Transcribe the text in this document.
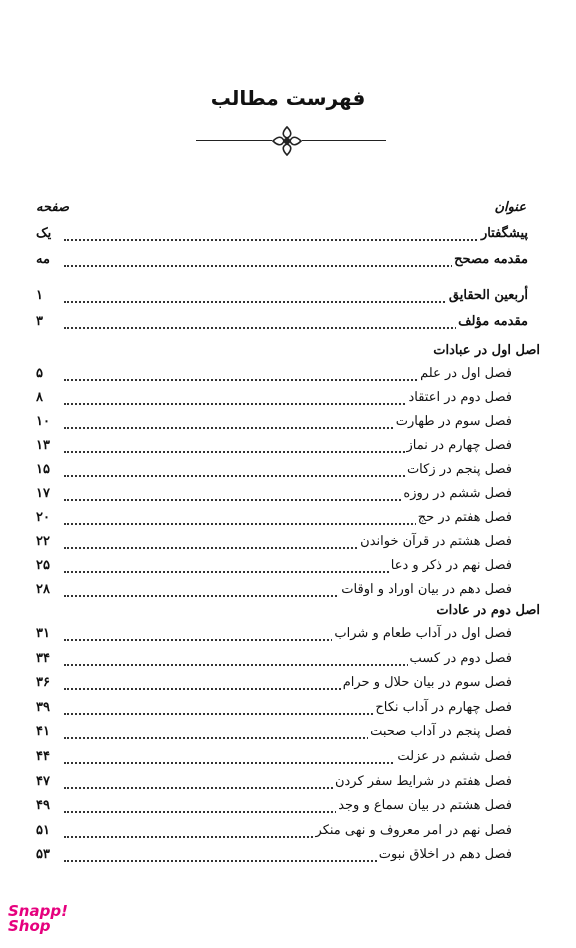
فهرست مطالب
عنوان
صفحه
پیشگفتار
یک
مقدمه مصحح
مه
أربعين الحقايق
۱
مقدمه مؤلف
۳
اصل اول در عبادات
فصل اول در علم
۵
فصل دوم در اعتقاد
۸
فصل سوم در طهارت
۱۰
فصل چهارم در نماز
۱۳
فصل پنجم در زكات
۱۵
فصل ششم در روزه
۱۷
فصل هفتم در حج
۲۰
فصل هشتم در قرآن خواندن
۲۲
فصل نهم در ذکر و دعا
۲۵
فصل دهم در بيان اوراد و اوقات
۲۸
اصل دوم در عادات
فصل اول در آداب طعام و شراب
۳۱
فصل دوم در كسب
۳۴
فصل سوم در بيان حلال و حرام
۳۶
فصل چهارم در آداب نكاح
۳۹
فصل پنجم در آداب صحبت
۴۱
فصل ششم در عزلت
۴۴
فصل هفتم در شرايط سفر كردن
۴۷
فصل هشتم در بيان سماع و وجد
۴۹
فصل نهم در امر معروف و نهى منكر
۵۱
فصل دهم در اخلاق نبوت
۵۳
Snapp!
Shop
